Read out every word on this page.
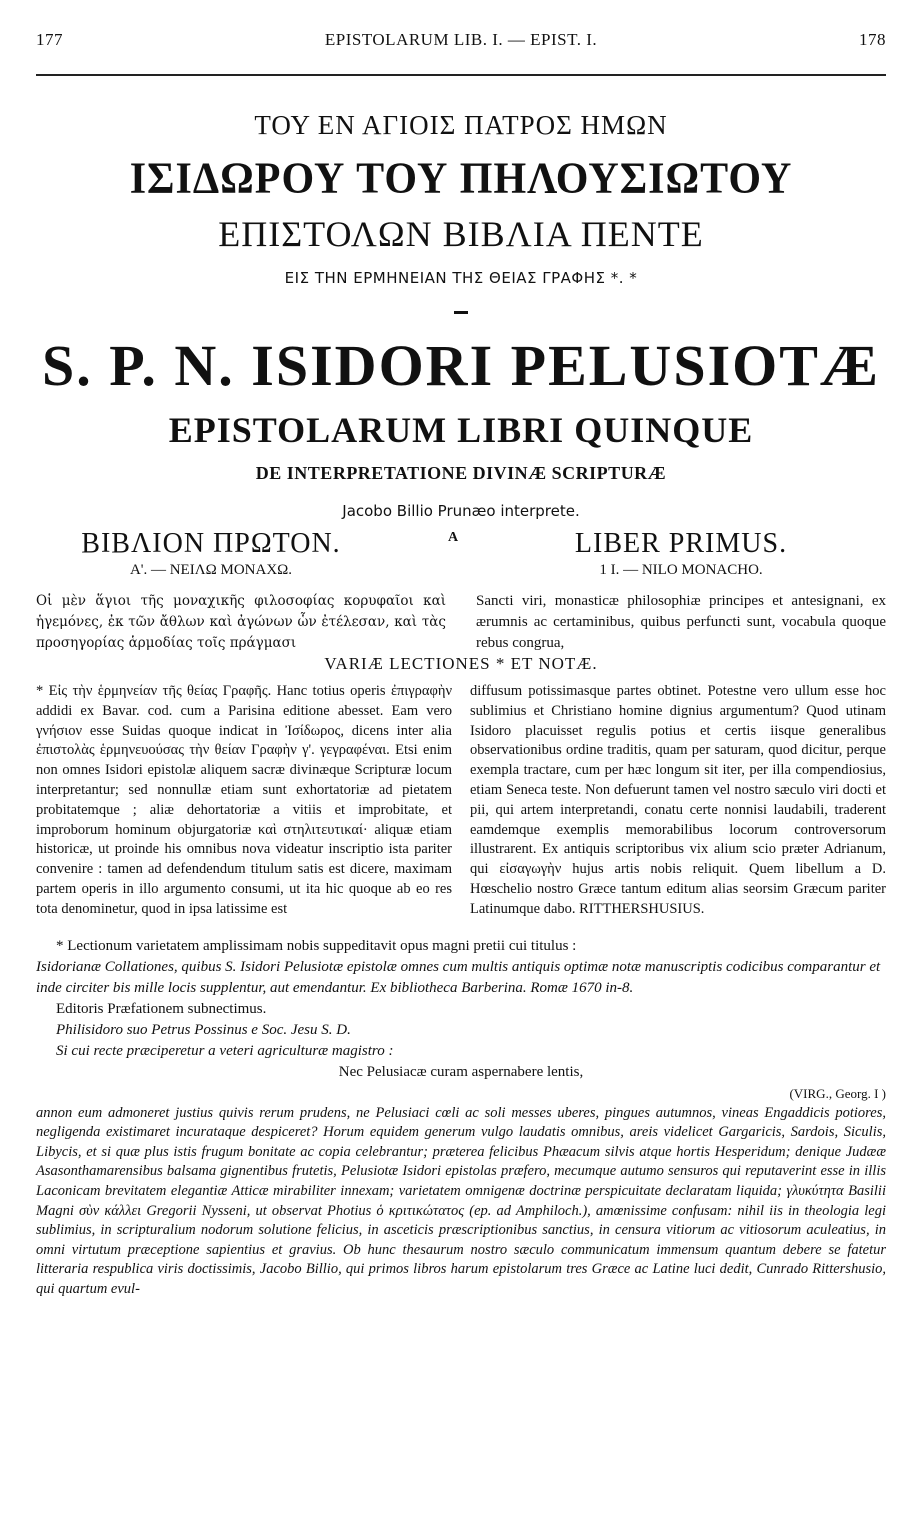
177	EPISTOLARUM LIB. I. — EPIST. I.	178
ΤΟΥ ΕΝ ΑΓΙΟΙΣ ΠΑΤΡΟΣ ΗΜΩΝ
ΙΣΙΔΩΡΟΥ ΤΟΥ ΠΗΛΟΥΣΙΩΤΟΥ
ΕΠΙΣΤΟΛΩΝ ΒΙΒΛΙΑ ΠΕΝΤΕ
ΕΙΣ ΤΗΝ ΕΡΜΗΝΕΙΑΝ ΤΗΣ ΘΕΙΑΣ ΓΡΑΦΗΣ *. *
S. P. N. ISIDORI PELUSIOTÆ
EPISTOLARUM LIBRI QUINQUE
DE INTERPRETATIONE DIVINÆ SCRIPTURÆ
Jacobo Billio Prunæo interprete.
A
ΒΙΒΛΙΟΝ ΠΡΩΤΟΝ.
Α'. — ΝΕΙΛΩ ΜΟΝΑΧΩ.
Οἱ μὲν ἅγιοι τῆς μοναχικῆς φιλοσοφίας κορυφαῖοι καὶ ἡγεμόνες, ἐκ τῶν ἄθλων καὶ ἀγώνων ὧν ἐτέλεσαν, καὶ τὰς προσηγορίας ἁρμοδίας τοῖς πράγμασι
LIBER PRIMUS.
1 I. — NILO MONACHO.
Sancti viri, monasticæ philosophiæ principes et antesignani, ex ærumnis ac certaminibus, quibus perfuncti sunt, vocabula quoque rebus congrua,
VARIÆ LECTIONES * ET NOTÆ.
* Εἰς τὴν ἑρμηνείαν τῆς θείας Γραφῆς. Hanc totius operis ἐπιγραφὴν addidi ex Bavar. cod. cum a Parisina editione abesset. Eam vero γνήσιον esse Suidas quoque indicat in Ἰσίδωρος, dicens inter alia ἐπιστολὰς ἑρμηνευούσας τὴν θείαν Γραφὴν γ'. γεγραφέναι. Etsi enim non omnes Isidori epistolæ aliquem sacræ divinæque Scripturæ locum interpretantur; sed nonnullæ etiam sunt exhortatoriæ ad pietatem probitatemque ; aliæ dehortatoriæ a vitiis et improbitate, et improborum hominum objurgatoriæ καὶ στηλιτευτικαί· aliquæ etiam historicæ, ut proinde his omnibus nova videatur inscriptio ista pariter convenire : tamen ad defendendum titulum satis est dicere, maximam partem operis in illo argumento consumi, ut ita hic quoque ab eo res tota denominetur, quod in ipsa latissime est
diffusum potissimasque partes obtinet. Potestne vero ullum esse hoc sublimius et Christiano homine dignius argumentum? Quod utinam Isidoro placuisset regulis potius et certis iisque generalibus observationibus ordine traditis, quam per saturam, quod dicitur, perque exempla tractare, cum per hæc longum sit iter, per illa compendiosius, etiam Seneca teste. Non defuerunt tamen vel nostro sæculo viri docti et pii, qui artem interpretandi, conatu certe nonnisi laudabili, traderent eamdemque exemplis memorabilibus locorum controversorum illustrarent. Ex antiquis scriptoribus vix alium scio præter Adrianum, qui εἰσαγωγὴν hujus artis nobis reliquit. Quem libellum a D. Hœschelio nostro Græce tantum editum alias seorsim Græcum pariter Latinumque dabo. RITTHERSHUSIUS.

* Lectionum varietatem amplissimam nobis suppeditavit opus magni pretii cui titulus :

Isidorianæ Collationes, quibus S. Isidori Pelusiotæ epistolæ omnes cum multis antiquis optimæ notæ manuscriptis codicibus comparantur et inde circiter bis mille locis supplentur, aut emendantur. Ex bibliotheca Barberina. Romæ 1670 in-8.

Editoris Præfationem subnectimus.

Philisidoro suo Petrus Possinus e Soc. Jesu S. D.

Si cui recte præciperetur a veteri agriculturæ magistro :

Nec Pelusiacæ curam aspernabere lentis,

(VIRG., Georg. I )

annon eum admoneret justius quivis rerum prudens, ne Pelusiaci cœli ac soli messes uberes, pingues autumnos, vineas Engaddicis potiores, negligenda existimaret incurataque despiceret? Horum equidem generum vulgo laudatis omnibus, areis videlicet Gargaricis, Sardois, Siculis, Libycis, et si quæ plus istis frugum bonitate ac copia celebrantur; præterea felicibus Phæacum silvis atque hortis Hesperidum; denique Judææ Asasonthamarensibus balsama gignentibus frutetis, Pelusiotæ Isidori epistolas præfero, mecumque autumo sensuros qui reputaverint esse in illis Laconicam brevitatem elegantiæ Atticæ mirabiliter innexam; varietatem omnigenæ doctrinæ perspicuitate declaratam liquida; γλυκύτητα Basilii Magni σὺν κάλλει Gregorii Nysseni, ut observat Photius ὁ κριτικώτατος (ep. ad Amphiloch.), amœnissime confusam: nihil iis in theologia legi sublimius, in scripturalium nodorum solutione felicius, in asceticis præscriptionibus sanctius, in censura vitiorum ac vitiosorum aculeatius, in omni virtutum præceptione sapientius et gravius. Ob hunc thesaurum nostro sæculo communicatum immensum quantum debere se fatetur litteraria respublica viris doctissimis, Jacobo Billio, qui primos libros harum epistolarum tres Græce ac Latine luci dedit, Cunrado Rittershusio, qui quartum evul-
